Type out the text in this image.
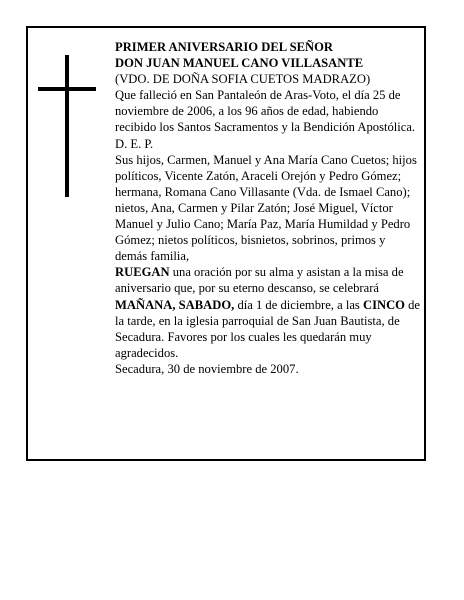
PRIMER ANIVERSARIO DEL SEÑOR

DON JUAN MANUEL CANO VILLASANTE

(VDO. DE DOÑA SOFIA CUETOS MADRAZO)

Que falleció en San Pantaleón de Aras-Voto, el día 25 de noviembre de 2006, a los 96 años de edad, habiendo recibido los Santos Sacramentos y la Bendición Apostólica.

D. E. P.

Sus hijos, Carmen, Manuel y Ana María Cano Cuetos; hijos políticos, Vicente Zatón, Araceli Orejón y Pedro Gómez; hermana, Romana Cano Villasante (Vda. de Ismael Cano); nietos, Ana, Carmen y Pilar Zatón; José Miguel, Víctor Manuel y Julio Cano; María Paz, María Humildad y Pedro Gómez; nietos políticos, bisnietos, sobrinos, primos y demás familia,

RUEGAN una oración por su alma y asistan a la misa de aniversario que, por su eterno descanso, se celebrará MAÑANA, SABADO, día 1 de diciembre, a las CINCO de la tarde, en la iglesia parroquial de San Juan Bautista, de Secadura. Favores por los cuales les quedarán muy agradecidos.

Secadura, 30 de noviembre de 2007.
